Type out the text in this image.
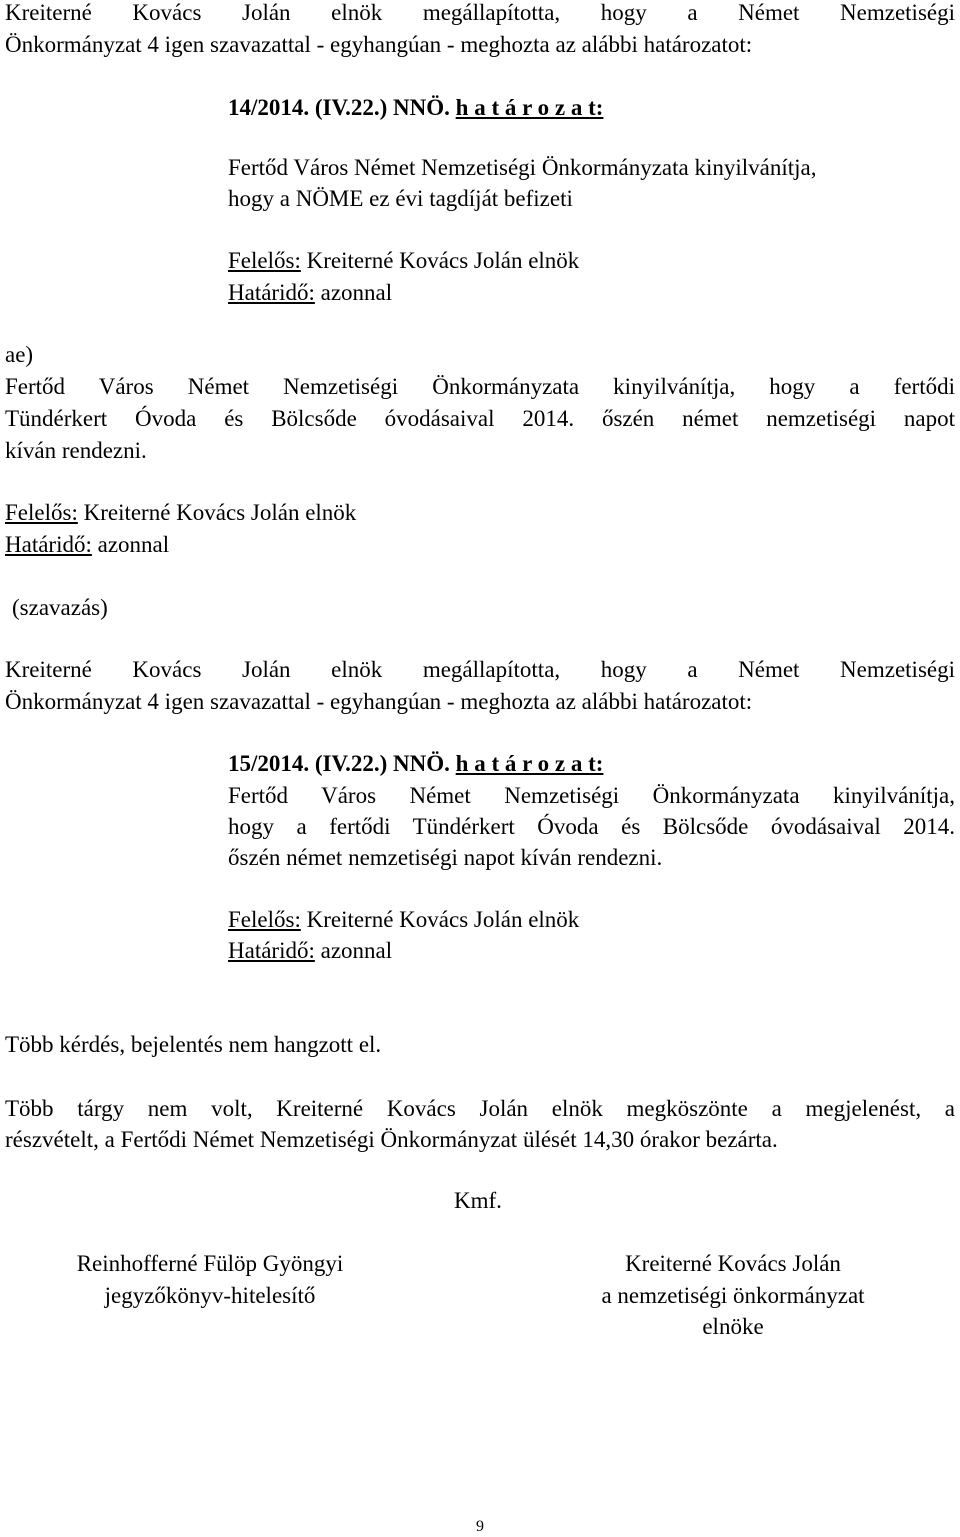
Kreiterné Kovács Jolán elnök megállapította, hogy a Német Nemzetiségi
Önkormányzat 4 igen szavazattal - egyhangúan - meghozta az alábbi határozatot:
14/2014. (IV.22.) NNÖ. h a t á r o z a t:
Fertőd Város Német Nemzetiségi Önkormányzata kinyilvánítja,
hogy a NÖME ez évi tagdíját befizeti
Felelős: Kreiterné Kovács Jolán elnök
Határidő: azonnal
ae)
Fertőd Város Német Nemzetiségi Önkormányzata kinyilvánítja, hogy a fertődi
Tündérkert Óvoda és Bölcsőde óvodásaival 2014. őszén német nemzetiségi napot
kíván rendezni.
Felelős: Kreiterné Kovács Jolán elnök
Határidő: azonnal
(szavazás)
Kreiterné Kovács Jolán elnök megállapította, hogy a Német Nemzetiségi
Önkormányzat 4 igen szavazattal - egyhangúan - meghozta az alábbi határozatot:
15/2014. (IV.22.) NNÖ. h a t á r o z a t:
Fertőd Város Német Nemzetiségi Önkormányzata kinyilvánítja,
hogy a fertődi Tündérkert Óvoda és Bölcsőde óvodásaival 2014.
őszén német nemzetiségi napot kíván rendezni.
Felelős: Kreiterné Kovács Jolán elnök
Határidő: azonnal
Több kérdés, bejelentés nem hangzott el.
Több tárgy nem volt, Kreiterné Kovács Jolán elnök megköszönte a megjelenést, a
részvételt, a Fertődi Német Nemzetiségi Önkormányzat ülését 14,30 órakor bezárta.
Kmf.
Reinhofferné Fülöp Gyöngyi
jegyzőkönyv-hitelesítő
Kreiterné Kovács Jolán
a nemzetiségi önkormányzat
elnöke
9
